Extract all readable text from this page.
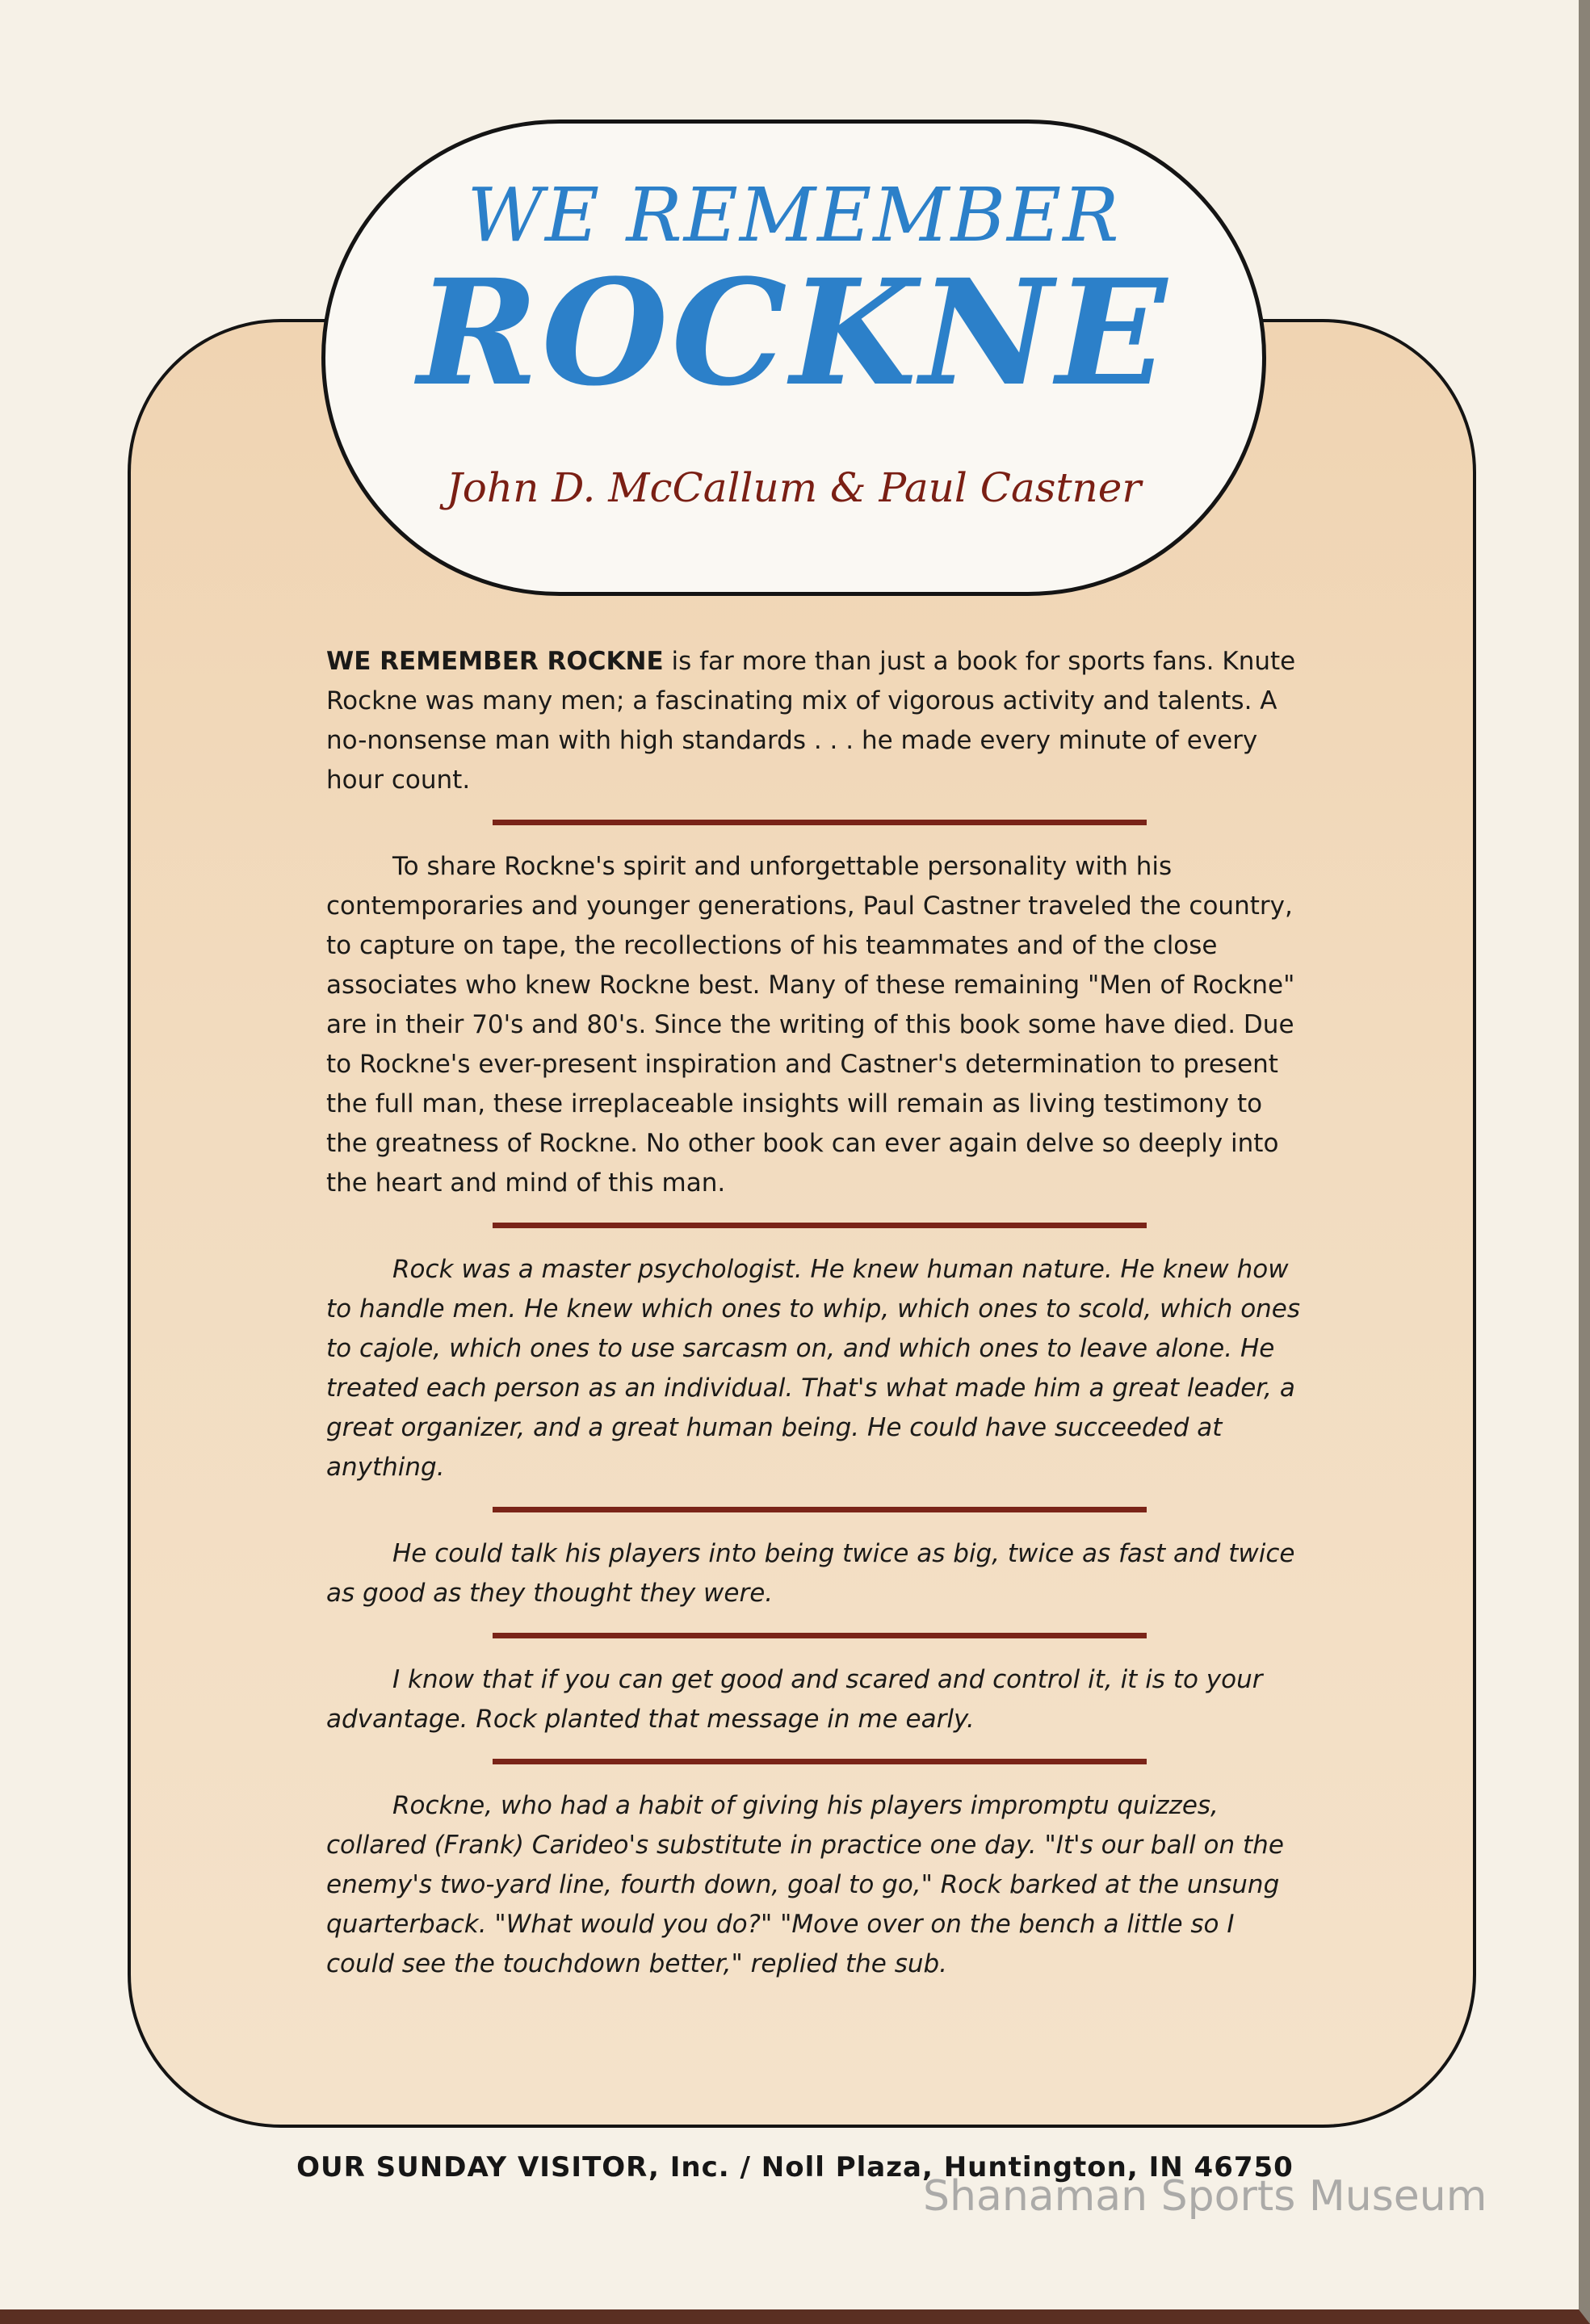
WE REMEMBER
ROCKNE
John D. McCallum & Paul Castner

WE REMEMBER ROCKNE is far more than just a book for sports fans. Knute Rockne was many men; a fascinating mix of vigorous activity and talents. A no-nonsense man with high standards . . . he made every minute of every hour count.

To share Rockne's spirit and unforgettable personality with his contemporaries and younger generations, Paul Castner traveled the country, to capture on tape, the recollections of his teammates and of the close associates who knew Rockne best. Many of these remaining "Men of Rockne" are in their 70's and 80's. Since the writing of this book some have died. Due to Rockne's ever-present inspiration and Castner's determination to present the full man, these irreplaceable insights will remain as living testimony to the greatness of Rockne. No other book can ever again delve so deeply into the heart and mind of this man.

Rock was a master psychologist. He knew human nature. He knew how to handle men. He knew which ones to whip, which ones to scold, which ones to cajole, which ones to use sarcasm on, and which ones to leave alone. He treated each person as an individual. That's what made him a great leader, a great organizer, and a great human being. He could have succeeded at anything.

He could talk his players into being twice as big, twice as fast and twice as good as they thought they were.

I know that if you can get good and scared and control it, it is to your advantage. Rock planted that message in me early.

Rockne, who had a habit of giving his players impromptu quizzes, collared (Frank) Carideo's substitute in practice one day. "It's our ball on the enemy's two-yard line, fourth down, goal to go," Rock barked at the unsung quarterback. "What would you do?" "Move over on the bench a little so I could see the touchdown better," replied the sub.

OUR SUNDAY VISITOR, Inc. / Noll Plaza, Huntington, IN 46750
Shanaman Sports Museum
